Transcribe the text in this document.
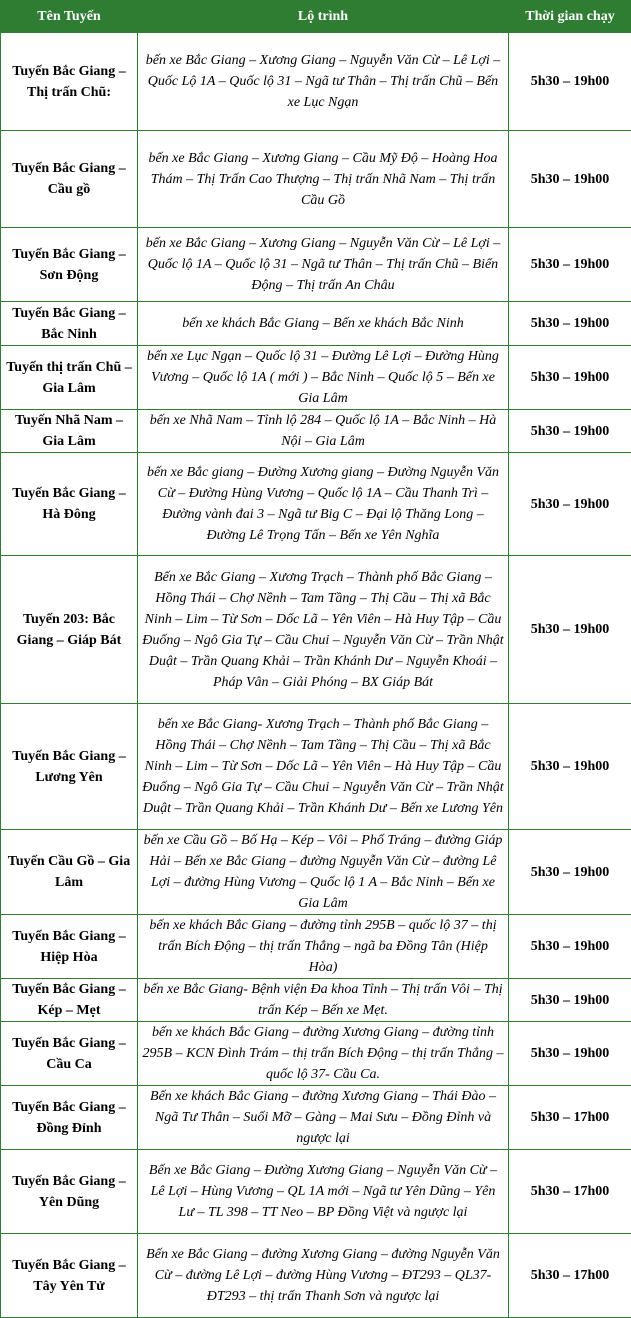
Tên Tuyến	Lộ trình	Thời gian chạy
Tuyến Bắc Giang – Thị trấn Chũ:	bến xe Bắc Giang – Xương Giang – Nguyễn Văn Cừ – Lê Lợi – Quốc Lộ 1A – Quốc lộ 31 – Ngã tư Thân – Thị trấn Chũ – Bến xe Lục Ngạn	5h30 – 19h00
Tuyến Bắc Giang – Cầu gồ	bến xe Bắc Giang – Xương Giang – Cầu Mỹ Độ – Hoàng Hoa Thám – Thị Trấn Cao Thượng – Thị trấn Nhã Nam – Thị trấn Cầu Gồ	5h30 – 19h00
Tuyến Bắc Giang – Sơn Động	bến xe Bắc Giang – Xương Giang – Nguyễn Văn Cừ – Lê Lợi – Quốc lộ 1A – Quốc lộ 31 – Ngã tư Thân – Thị trấn Chũ – Biển Động – Thị trấn An Châu	5h30 – 19h00
Tuyến Bắc Giang – Bắc Ninh	bến xe khách Bắc Giang – Bến xe khách Bắc Ninh	5h30 – 19h00
Tuyến thị trấn Chũ – Gia Lâm	bến xe Lục Ngạn – Quốc lộ 31 – Đường Lê Lợi – Đường Hùng Vương – Quốc lộ 1A ( mới ) – Bắc Ninh – Quốc lộ 5 – Bến xe Gia Lâm	5h30 – 19h00
Tuyến Nhã Nam – Gia Lâm	bến xe Nhã Nam – Tỉnh lộ 284 – Quốc lộ 1A – Bắc Ninh – Hà Nội – Gia Lâm	5h30 – 19h00
Tuyến Bắc Giang – Hà Đông	bến xe Bắc giang – Đường Xương giang – Đường Nguyễn Văn Cừ – Đường Hùng Vương – Quốc lộ 1A – Cầu Thanh Trì – Đường vành đai 3 – Ngã tư Big C – Đại lộ Thăng Long – Đường Lê Trọng Tấn – Bến xe Yên Nghĩa	5h30 – 19h00
Tuyến 203: Bắc Giang – Giáp Bát	Bến xe Bắc Giang – Xương Trạch – Thành phố Bắc Giang – Hồng Thái – Chợ Nềnh – Tam Tầng – Thị Cầu – Thị xã Bắc Ninh – Lim – Từ Sơn – Dốc Lã – Yên Viên – Hà Huy Tập – Cầu Đuống – Ngô Gia Tự – Cầu Chui – Nguyễn Văn Cừ – Trần Nhật Duật – Trần Quang Khải – Trần Khánh Dư – Nguyễn Khoái – Pháp Vân – Giải Phóng – BX Giáp Bát	5h30 – 19h00
Tuyến Bắc Giang – Lương Yên	bến xe Bắc Giang- Xương Trạch – Thành phố Bắc Giang – Hồng Thái – Chợ Nềnh – Tam Tầng – Thị Cầu – Thị xã Bắc Ninh – Lim – Từ Sơn – Dốc Lã – Yên Viên – Hà Huy Tập – Cầu Đuống – Ngô Gia Tự – Cầu Chui – Nguyễn Văn Cừ – Trần Nhật Duật – Trần Quang Khải – Trần Khánh Dư – Bến xe Lương Yên	5h30 – 19h00
Tuyến Cầu Gồ – Gia Lâm	bến xe Cầu Gồ – Bố Hạ – Kép – Vôi – Phố Tráng – đường Giáp Hải – Bến xe Bắc Giang – đường Nguyễn Văn Cừ – đường Lê Lợi – đường Hùng Vương – Quốc lộ 1 A – Bắc Ninh – Bến xe Gia Lâm	5h30 – 19h00
Tuyến Bắc Giang – Hiệp Hòa	bến xe khách Bắc Giang – đường tỉnh 295B – quốc lộ 37 – thị trấn Bích Động – thị trấn Thắng – ngã ba Đồng Tân (Hiệp Hòa)	5h30 – 19h00
Tuyến Bắc Giang – Kép – Mẹt	bến xe Bắc Giang- Bệnh viện Đa khoa Tỉnh – Thị trấn Vôi – Thị trấn Kép – Bến xe Mẹt.	5h30 – 19h00
Tuyến Bắc Giang – Cầu Ca	bến xe khách Bắc Giang – đường Xương Giang – đường tỉnh 295B – KCN Đình Trám – thị trấn Bích Động – thị trấn Thắng – quốc lộ 37- Cầu Ca.	5h30 – 19h00
Tuyến Bắc Giang – Đồng Đỉnh	Bến xe khách Bắc Giang – đường Xương Giang – Thái Đào – Ngã Tư Thân – Suối Mỡ – Gàng – Mai Sưu – Đồng Đỉnh và ngược lại	5h30 – 17h00
Tuyến Bắc Giang – Yên Dũng	Bến xe Bắc Giang – Đường Xương Giang – Nguyễn Văn Cừ – Lê Lợi – Hùng Vương – QL 1A mới – Ngã tư Yên Dũng – Yên Lư – TL 398 – TT Neo – BP Đồng Việt và ngược lại	5h30 – 17h00
Tuyến Bắc Giang – Tây Yên Tử	Bến xe Bắc Giang – đường Xương Giang – đường Nguyễn Văn Cừ – đường Lê Lợi – đường Hùng Vương – ĐT293 – QL37- ĐT293 – thị trấn Thanh Sơn và ngược lại	5h30 – 17h00
